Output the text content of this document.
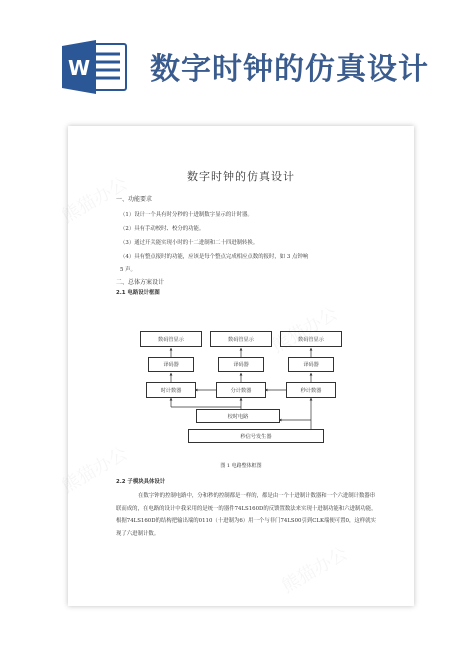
W 数字时钟的仿真设计
数字时钟的仿真设计
一、功能要求
（1）设计一个具有时分秒的十进制数字显示的计时器。
（2）具有手动校时、校分的功能。
（3）通过开关能实现小时的十二进制和二十四进制转换。
（4）具有整点报时的功能，应该是每个整点完成相应点数的报时，如 3 点钟响
5 声。
二、总体方案设计
2.1 电路设计框图
数码管显示	数码管显示	数码管显示
译码器	译码器	译码器
时计数器	分计数器	秒计数器
校时电路
秒信号发生器
图 1 电路整体框图
2.2 子模块具体设计
在数字钟的控制电路中，分和秒的控制都是一样的，都是由一个十进制计数器和一个六进制计数器串联而成的，在电路的设计中我采用的是统一的器件74LS160D的反馈置数法来实现十进制功能和六进制功能，根据74LS160D的结构把输出端的0110（十进制为6）用一个与非门74LS00引到CLK端便可置0，这样就实现了六进制计数。
